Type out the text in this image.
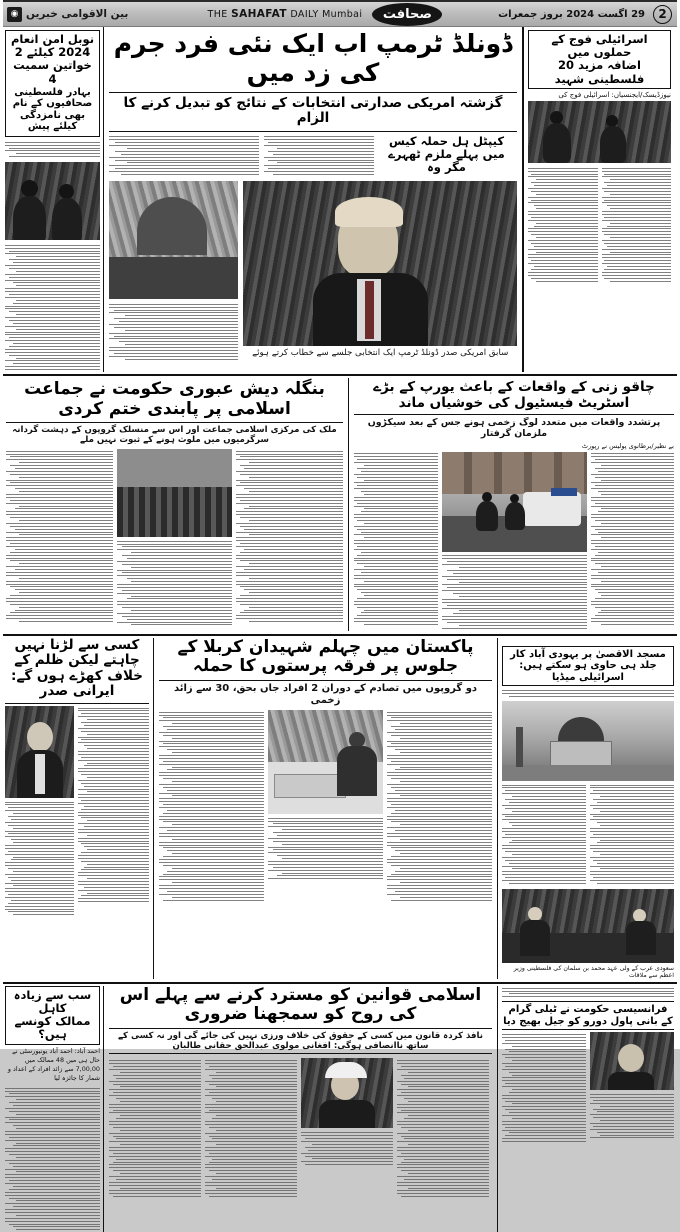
◉ بین الاقوامی خبریں	THE SAHAFAT DAILY Mumbai	صحافت	29 اگست 2024 بروز جمعرات	2
نوبل امن انعام 2024 کیلئے 2 خواتین سمیت 4
بہادر فلسطینی صحافیوں کے نام بھی نامزدگی کیلئے پیش
ڈونلڈ ٹرمپ اب ایک نئی فرد جرم کی زد میں
گزشتہ امریکی صدارتی انتخابات کے نتائج کو تبدیل کرنے کا الزام
کیپٹل ہل حملہ کیس میں پہلے ملزم ٹھہرے مگر وہ
سابق امریکی صدر ڈونلڈ ٹرمپ ایک انتخابی جلسے سے خطاب کرتے ہوئے
اسرائیلی فوج کے حملوں میں
اضافہ مزید 20 فلسطینی شہید
نیوزڈیسک/ایجنسیاں: اسرائیلی فوج کی
بنگلہ دیش عبوری حکومت نے جماعت اسلامی پر پابندی ختم کردی
ملک کی مرکزی اسلامی جماعت اور اس سے منسلک گروپوں کے دہشت گردانہ سرگرمیوں میں ملوث ہونے کے ثبوت نہیں ملے
چاقو زنی کے واقعات کے باعث یورپ کے بڑے اسٹریٹ فیسٹیول کی خوشیاں ماند
پرتشدد واقعات میں متعدد لوگ زخمی ہونے جس کے بعد سیکڑوں ملزمان گرفتار
بے نظیر/برطانوی پولیس نے رپورٹ
کسی سے لڑنا نہیں چاہتے لیکن ظلم کے
خلاف کھڑے ہوں گے: ایرانی صدر
پاکستان میں چہلم شہیدان کربلا کے جلوس پر فرقہ پرستوں کا حملہ
دو گروپوں میں تصادم کے دوران 2 افراد جاں بحق، 30 سے زائد زخمی

مسجد الاقصیٰ پر یہودی آباد کار جلد ہی حاوی ہو سکتے ہیں: اسرائیلی میڈیا
سعودی عرب کے ولی عہد محمد بن سلمان کی فلسطینی وزیر اعظم سے ملاقات
سب سے زیادہ کاہل
ممالک کونسے ہیں؟
احمد آباد: احمد آباد یونیورسٹی نے حال ہی میں 48 ممالک میں 7,00,00 سے زائد افراد کے اعداد و شمار کا جائزہ لیا
اسلامی قوانین کو مسترد کرنے سے پہلے اس کی روح کو سمجھنا ضروری
نافذ کردہ قانون میں کسی کے حقوق کی خلاف ورزی نہیں کی جائے گی اور نہ کسی کے ساتھ ناانصافی ہوگی: افغانی مولوی عبدالحق حقانی طالبان
فرانسیسی حکومت نے ٹیلی گرام کے بانی پاول دورو کو جیل بھیج دیا
